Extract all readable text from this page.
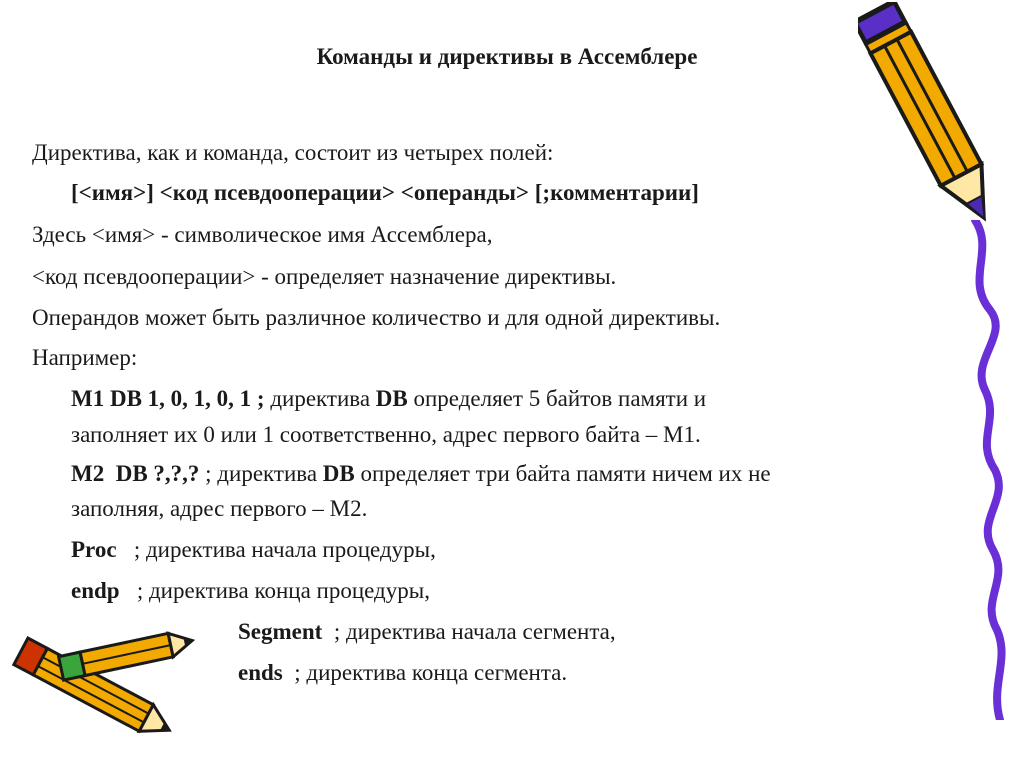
Команды и директивы в Ассемблере
Директива, как и команда, состоит из четырех полей:
[<имя>] <код псевдооперации> <операнды> [;комментарии]
Здесь <имя> - символическое имя Ассемблера,
<код псевдооперации> - определяет назначение директивы.
Операндов может быть различное количество и для одной директивы.
Например:
M1 DB 1, 0, 1, 0, 1 ; директива DB определяет 5 байтов памяти и
заполняет их 0 или 1 соответственно, адрес первого байта – М1.
M2  DB ?,?,? ; директива DB определяет три байта памяти ничем их не
заполняя, адрес первого – М2.
Proc   ; директива начала процедуры,
endp   ; директива конца процедуры,
Segment  ; директива начала сегмента,
ends  ; директива конца сегмента.
